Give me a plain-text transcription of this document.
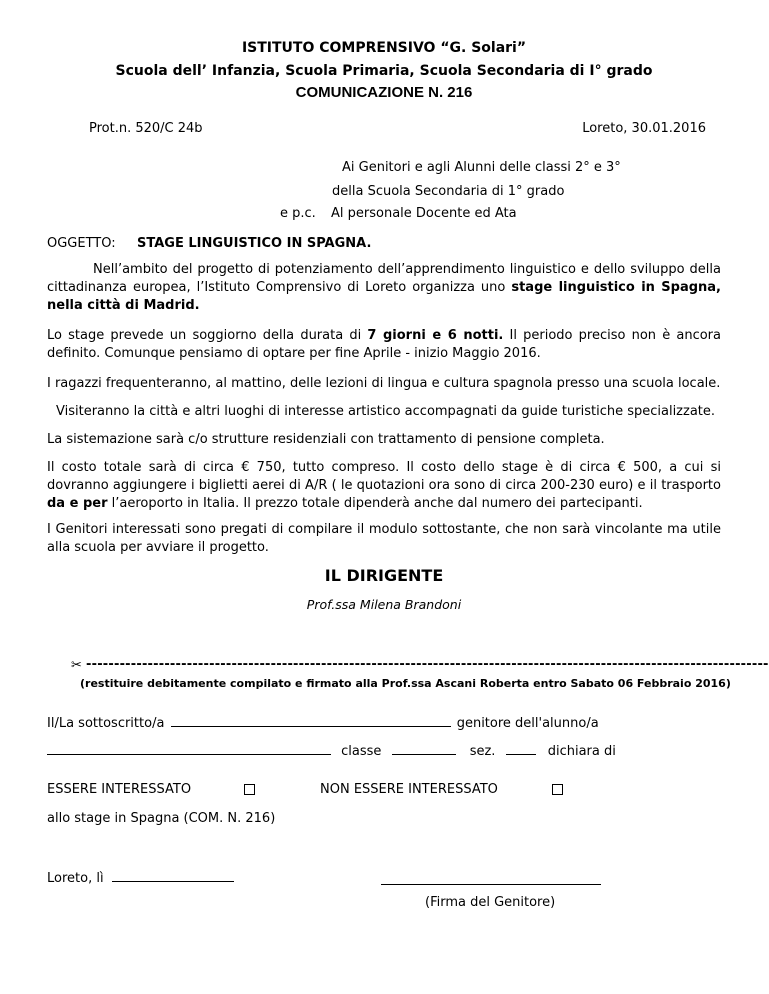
ISTITUTO COMPRENSIVO “G. Solari”
Scuola dell’ Infanzia, Scuola Primaria, Scuola Secondaria di I° grado
COMUNICAZIONE N. 216
Prot.n. 520/C 24b	Loreto, 30.01.2016
Ai Genitori e agli Alunni delle classi 2° e 3°
della Scuola Secondaria di 1° grado
e p.c. Al personale Docente ed Ata
OGGETTO: STAGE LINGUISTICO IN SPAGNA.
Nell’ambito del progetto di potenziamento dell’apprendimento linguistico e dello sviluppo della cittadinanza europea, l’Istituto Comprensivo di Loreto organizza uno stage linguistico in Spagna, nella città di Madrid.
Lo stage prevede un soggiorno della durata di 7 giorni e 6 notti. Il periodo preciso non è ancora definito. Comunque pensiamo di optare per fine Aprile - inizio Maggio 2016.
I ragazzi frequenteranno, al mattino, delle lezioni di lingua e cultura spagnola presso una scuola locale.
Visiteranno la città e altri luoghi di interesse artistico accompagnati da guide turistiche specializzate.
La sistemazione sarà c/o strutture residenziali con trattamento di pensione completa.
Il costo totale sarà di circa € 750, tutto compreso. Il costo dello stage è di circa € 500, a cui si dovranno aggiungere i biglietti aerei di A/R ( le quotazioni ora sono di circa 200-230 euro) e il trasporto da e per l’aeroporto in Italia. Il prezzo totale dipenderà anche dal numero dei partecipanti.
I Genitori interessati sono pregati di compilare il modulo sottostante, che non sarà vincolante ma utile alla scuola per avviare il progetto.
IL DIRIGENTE
Prof.ssa Milena Brandoni
✂ --------------------------------------------------------------------------------------------------------------------------
(restituire debitamente compilato e firmato alla Prof.ssa Ascani Roberta entro Sabato 06 Febbraio 2016)
Il/La sottoscritto/a	genitore dell'alunno/a
classe	sez.	dichiara di
ESSERE INTERESSATO	NON ESSERE INTERESSATO
allo stage in Spagna (COM. N. 216)
Loreto, lì
(Firma del Genitore)
